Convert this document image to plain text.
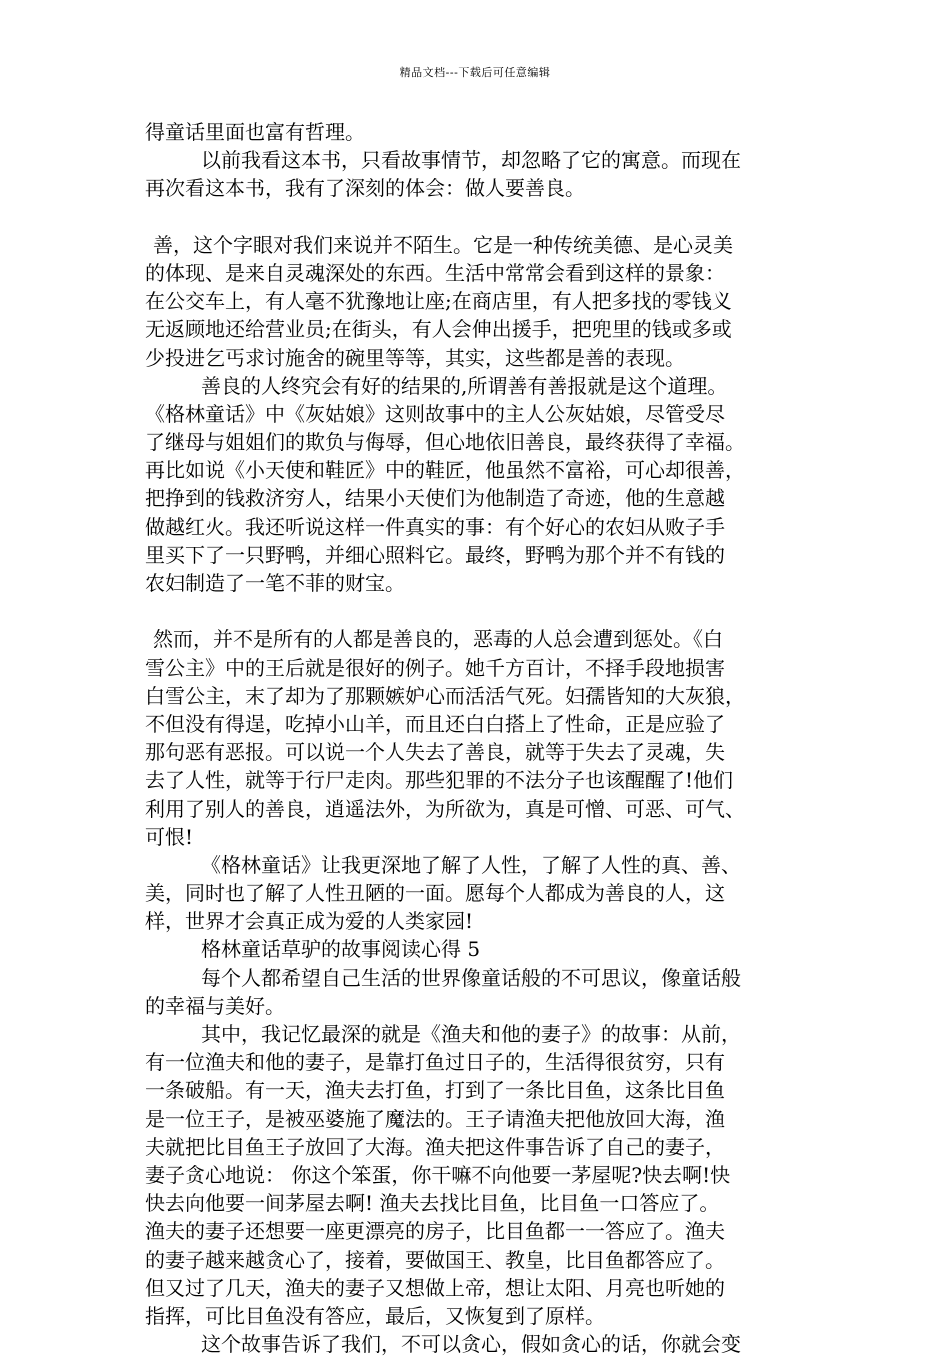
精品文档---下载后可任意编辑
得童话里面也富有哲理。
以前我看这本书，只看故事情节，却忽略了它的寓意。而现在
再次看这本书，我有了深刻的体会：做人要善良。
善，这个字眼对我们来说并不陌生。它是一种传统美德、是心灵美
的体现、是来自灵魂深处的东西。生活中常常会看到这样的景象：
在公交车上，有人毫不犹豫地让座;在商店里，有人把多找的零钱义
无返顾地还给营业员;在街头，有人会伸出援手，把兜里的钱或多或
少投进乞丐求讨施舍的碗里等等，其实，这些都是善的表现。
善良的人终究会有好的结果的,所谓善有善报就是这个道理。
《格林童话》中《灰姑娘》这则故事中的主人公灰姑娘，尽管受尽
了继母与姐姐们的欺负与侮辱，但心地依旧善良，最终获得了幸福。
再比如说《小天使和鞋匠》中的鞋匠，他虽然不富裕，可心却很善，
把挣到的钱救济穷人，结果小天使们为他制造了奇迹，他的生意越
做越红火。我还听说这样一件真实的事：有个好心的农妇从败子手
里买下了一只野鸭，并细心照料它。最终，野鸭为那个并不有钱的
农妇制造了一笔不菲的财宝。
然而，并不是所有的人都是善良的，恶毒的人总会遭到惩处。《白
雪公主》中的王后就是很好的例子。她千方百计，不择手段地损害
白雪公主，末了却为了那颗嫉妒心而活活气死。妇孺皆知的大灰狼，
不但没有得逞，吃掉小山羊，而且还白白搭上了性命，正是应验了
那句恶有恶报。可以说一个人失去了善良，就等于失去了灵魂，失
去了人性，就等于行尸走肉。那些犯罪的不法分子也该醒醒了!他们
利用了别人的善良，逍遥法外，为所欲为，真是可憎、可恶、可气、
可恨!
《格林童话》让我更深地了解了人性，了解了人性的真、善、
美，同时也了解了人性丑陋的一面。愿每个人都成为善良的人，这
样，世界才会真正成为爱的人类家园!
格林童话草驴的故事阅读心得 5
每个人都希望自己生活的世界像童话般的不可思议，像童话般
的幸福与美好。
其中，我记忆最深的就是《渔夫和他的妻子》的故事：从前，
有一位渔夫和他的妻子，是靠打鱼过日子的，生活得很贫穷，只有
一条破船。有一天，渔夫去打鱼，打到了一条比目鱼，这条比目鱼
是一位王子，是被巫婆施了魔法的。王子请渔夫把他放回大海，渔
夫就把比目鱼王子放回了大海。渔夫把这件事告诉了自己的妻子，
妻子贪心地说： 你这个笨蛋，你干嘛不向他要一茅屋呢?快去啊!快
快去向他要一间茅屋去啊! 渔夫去找比目鱼，比目鱼一口答应了。
渔夫的妻子还想要一座更漂亮的房子，比目鱼都一一答应了。渔夫
的妻子越来越贪心了，接着，要做国王、教皇，比目鱼都答应了。
但又过了几天，渔夫的妻子又想做上帝，想让太阳、月亮也听她的
指挥，可比目鱼没有答应，最后，又恢复到了原样。
这个故事告诉了我们，不可以贪心，假如贪心的话，你就会变
